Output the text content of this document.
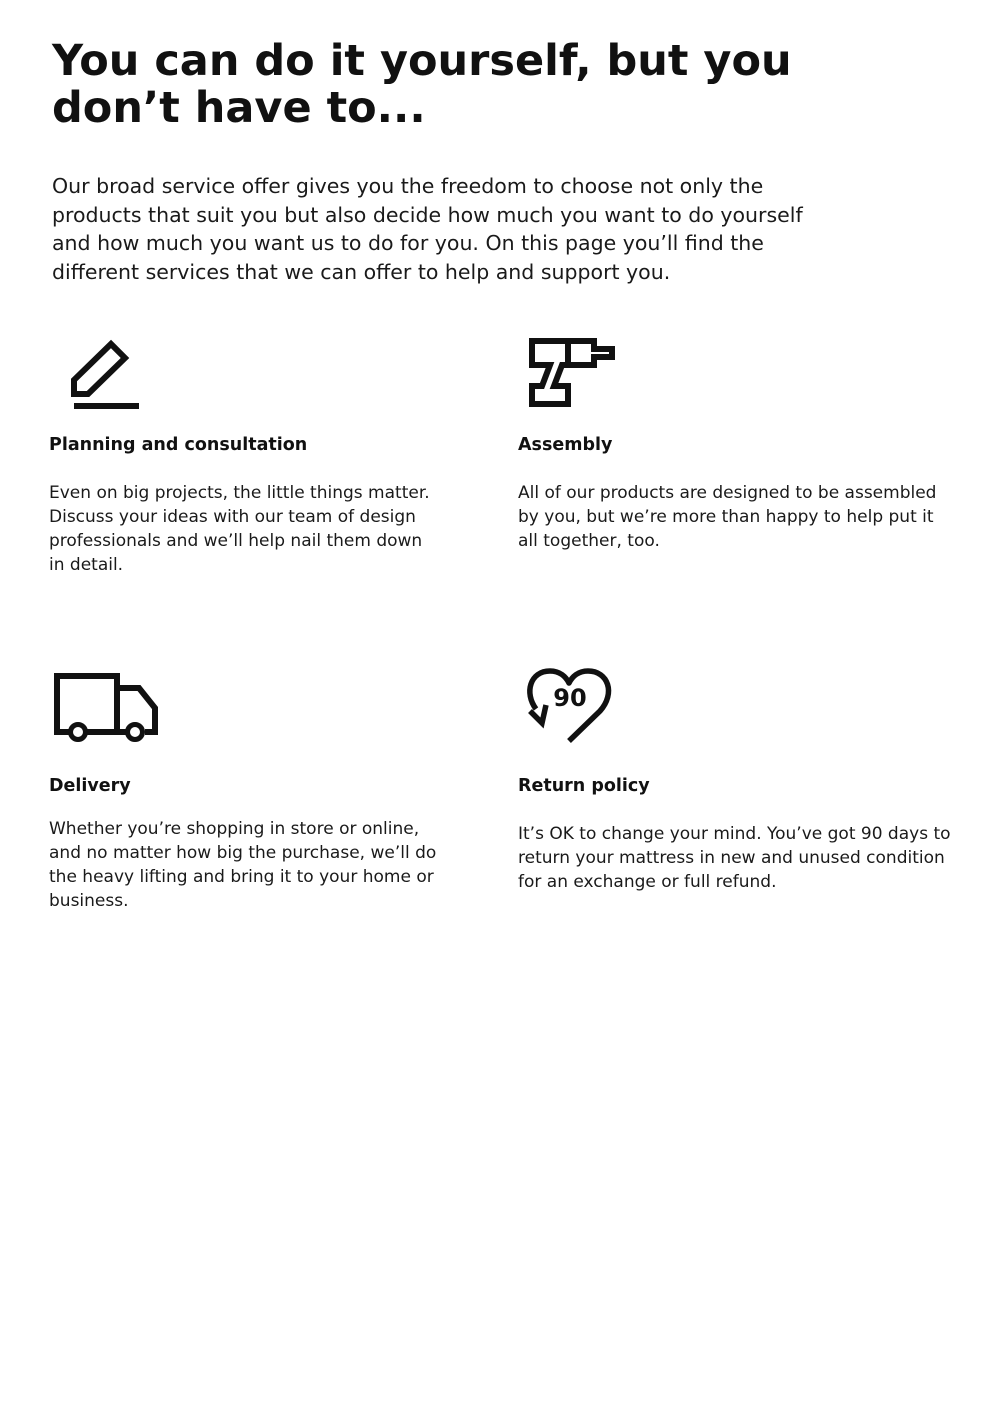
You can do it yourself, but you don’t have to...

Our broad service offer gives you the freedom to choose not only the products that suit you but also decide how much you want to do yourself and how much you want us to do for you. On this page you’ll find the different services that we can offer to help and support you.

Planning and consultation

Even on big projects, the little things matter. Discuss your ideas with our team of design professionals and we’ll help nail them down in detail.

Assembly

All of our products are designed to be assembled by you, but we’re more than happy to help put it all together, too.

Delivery

Whether you’re shopping in store or online, and no matter how big the purchase, we’ll do the heavy lifting and bring it to your home or business.

90
Return policy

It’s OK to change your mind. You’ve got 90 days to return your mattress in new and unused condition for an exchange or full refund.
